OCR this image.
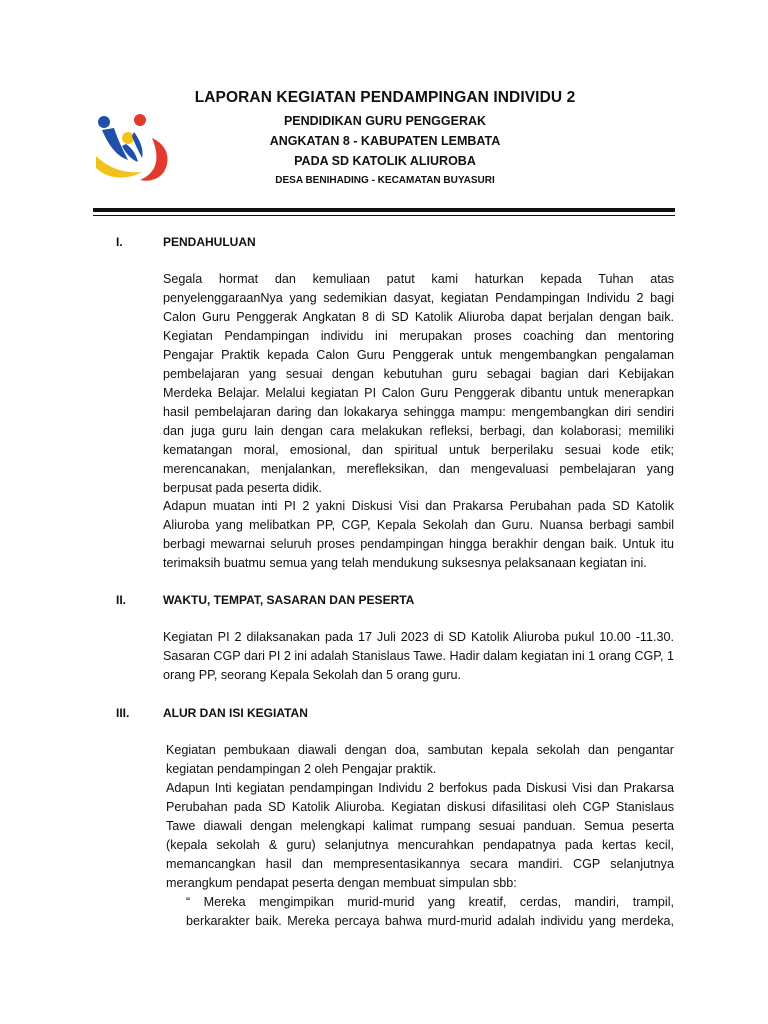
LAPORAN KEGIATAN PENDAMPINGAN INDIVIDU 2
PENDIDIKAN GURU PENGGERAK
ANGKATAN 8 - KABUPATEN LEMBATA
PADA SD KATOLIK ALIUROBA
DESA BENIHADING - KECAMATAN BUYASURI
I.	PENDAHULUAN
Segala hormat dan kemuliaan patut kami haturkan kepada Tuhan atas
penyelenggaraanNya yang sedemikian dasyat, kegiatan Pendampingan Individu 2 bagi
Calon Guru Penggerak Angkatan 8 di SD Katolik Aliuroba dapat berjalan dengan baik.
Kegiatan Pendampingan individu ini merupakan proses coaching dan mentoring
Pengajar Praktik kepada Calon Guru Penggerak untuk mengembangkan pengalaman
pembelajaran yang sesuai dengan kebutuhan guru sebagai bagian dari Kebijakan
Merdeka Belajar. Melalui kegiatan PI Calon Guru Penggerak dibantu untuk menerapkan
hasil pembelajaran daring dan lokakarya sehingga mampu: mengembangkan diri sendiri
dan juga guru lain dengan cara melakukan refleksi, berbagi, dan kolaborasi; memiliki
kematangan moral, emosional, dan spiritual untuk berperilaku sesuai kode etik;
merencanakan, menjalankan, merefleksikan, dan mengevaluasi pembelajaran yang
berpusat pada peserta didik.
Adapun muatan inti PI 2 yakni Diskusi Visi dan Prakarsa Perubahan pada SD Katolik
Aliuroba yang melibatkan PP, CGP, Kepala Sekolah dan Guru. Nuansa berbagi sambil
berbagi mewarnai seluruh proses pendampingan hingga berakhir dengan baik. Untuk itu
terimaksih buatmu semua yang telah mendukung suksesnya pelaksanaan kegiatan ini.
II.	WAKTU, TEMPAT, SASARAN DAN PESERTA
Kegiatan PI 2 dilaksanakan pada 17 Juli 2023 di SD Katolik Aliuroba pukul 10.00 -11.30.
Sasaran CGP dari PI 2 ini adalah Stanislaus Tawe. Hadir dalam kegiatan ini 1 orang CGP, 1
orang PP, seorang Kepala Sekolah dan 5 orang guru.
III.	ALUR DAN ISI KEGIATAN
Kegiatan pembukaan diawali dengan doa, sambutan kepala sekolah dan pengantar
kegiatan pendampingan 2 oleh Pengajar praktik.
Adapun Inti kegiatan pendampingan Individu 2 berfokus pada Diskusi Visi dan Prakarsa
Perubahan pada SD Katolik Aliuroba. Kegiatan diskusi difasilitasi oleh CGP Stanislaus
Tawe diawali dengan melengkapi kalimat rumpang sesuai panduan. Semua peserta
(kepala sekolah & guru) selanjutnya mencurahkan pendapatnya pada kertas kecil,
memancangkan hasil dan mempresentasikannya secara mandiri. CGP selanjutnya
merangkum pendapat peserta dengan membuat simpulan sbb:
“ Mereka mengimpikan murid-murid yang kreatif, cerdas, mandiri, trampil,
berkarakter baik. Mereka percaya bahwa murd-murid adalah individu yang merdeka,
